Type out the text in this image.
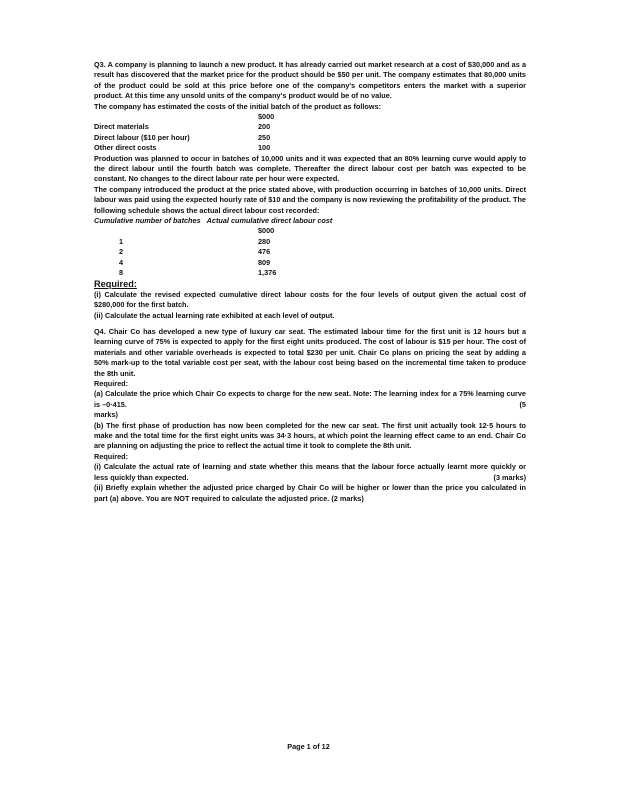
Q3. A company is planning to launch a new product. It has already carried out market research at a cost of $30,000 and as a result has discovered that the market price for the product should be $50 per unit. The company estimates that 80,000 units of the product could be sold at this price before one of the company's competitors enters the market with a superior product. At this time any unsold units of the company's product would be of no value.

The company has estimated the costs of the initial batch of the product as follows:

$000
Direct materials	200
Direct labour ($10 per hour)	250
Other direct costs	100

Production was planned to occur in batches of 10,000 units and it was expected that an 80% learning curve would apply to the direct labour until the fourth batch was complete. Thereafter the direct labour cost per batch was expected to be constant. No changes to the direct labour rate per hour were expected.

The company introduced the product at the price stated above, with production occurring in batches of 10,000 units. Direct labour was paid using the expected hourly rate of $10 and the company is now reviewing the profitability of the product. The following schedule shows the actual direct labour cost recorded:

Cumulative number of batches Actual cumulative direct labour cost
$000
1	280
2	476
4	809
8	1,376
Required:

(i) Calculate the revised expected cumulative direct labour costs for the four levels of output given the actual cost of $280,000 for the first batch.

(ii) Calculate the actual learning rate exhibited at each level of output.

Q4. Chair Co has developed a new type of luxury car seat. The estimated labour time for the first unit is 12 hours but a learning curve of 75% is expected to apply for the first eight units produced. The cost of labour is $15 per hour. The cost of materials and other variable overheads is expected to total $230 per unit. Chair Co plans on pricing the seat by adding a 50% mark-up to the total variable cost per seat, with the labour cost being based on the incremental time taken to produce the 8th unit.

Required:

(a) Calculate the price which Chair Co expects to charge for the new seat. Note: The learning index for a 75% learning curve is –0·415.	(5

marks)

(b) The first phase of production has now been completed for the new car seat. The first unit actually took 12·5 hours to make and the total time for the first eight units was 34·3 hours, at which point the learning effect came to an end. Chair Co are planning on adjusting the price to reflect the actual time it took to complete the 8th unit.

Required:

(i) Calculate the actual rate of learning and state whether this means that the labour force actually learnt more quickly or less quickly than expected.	(3 marks)

(ii) Briefly explain whether the adjusted price charged by Chair Co will be higher or lower than the price you calculated in part (a) above. You are NOT required to calculate the adjusted price. (2 marks)

Page 1 of 12
